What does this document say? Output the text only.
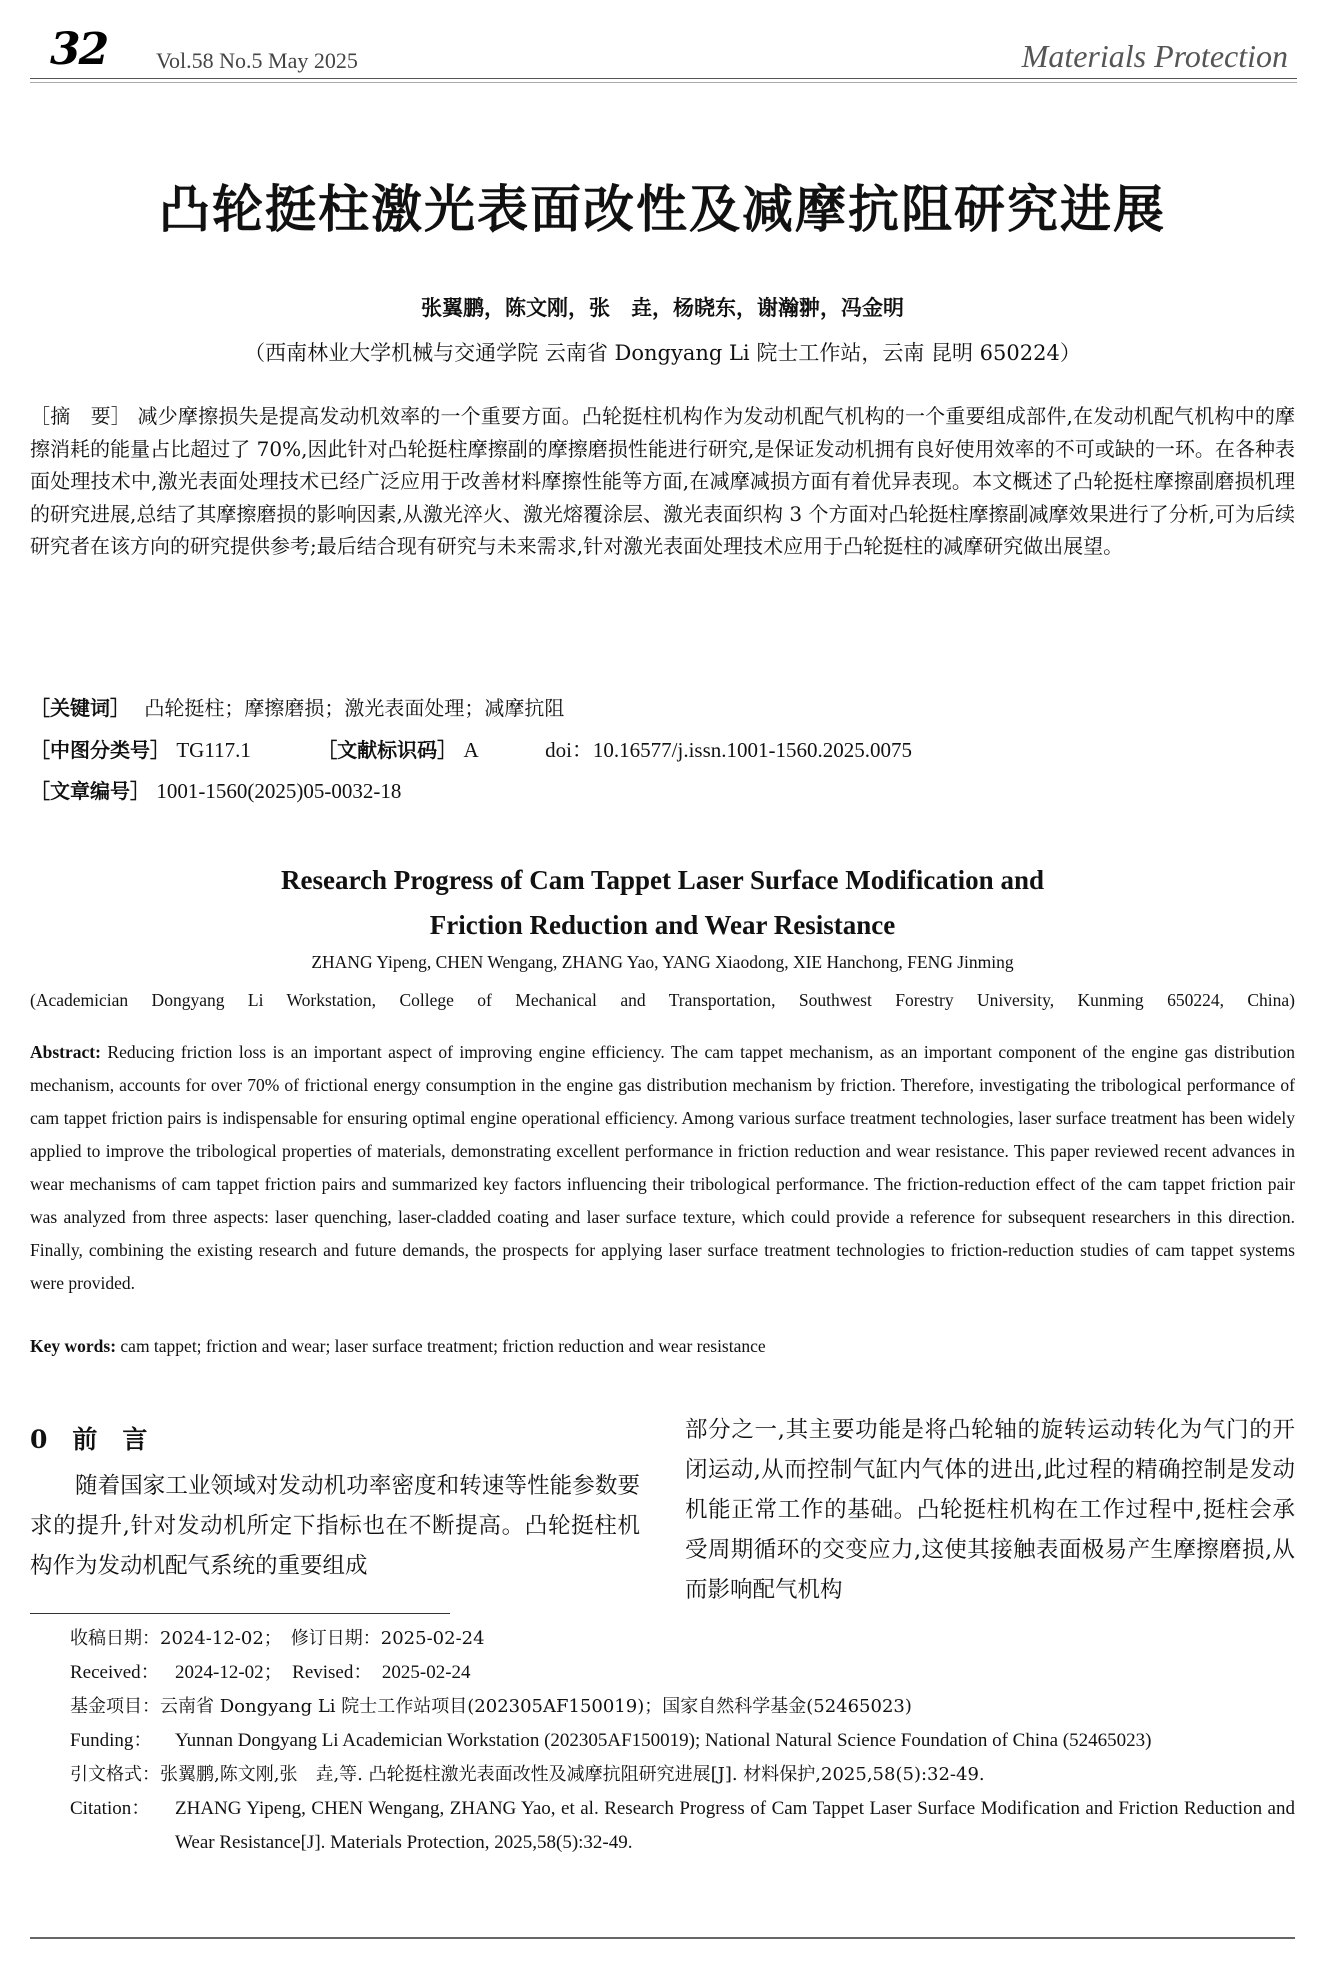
32 Vol.58 No.5 May 2025	Materials Protection
凸轮挺柱激光表面改性及减摩抗阻研究进展
张翼鹏，陈文刚，张　垚，杨晓东，谢瀚翀，冯金明
（西南林业大学机械与交通学院 云南省 Dongyang Li 院士工作站，云南 昆明 650224）
［摘　要］ 减少摩擦损失是提高发动机效率的一个重要方面。凸轮挺柱机构作为发动机配气机构的一个重要组成部件,在发动机配气机构中的摩擦消耗的能量占比超过了 70%,因此针对凸轮挺柱摩擦副的摩擦磨损性能进行研究,是保证发动机拥有良好使用效率的不可或缺的一环。在各种表面处理技术中,激光表面处理技术已经广泛应用于改善材料摩擦性能等方面,在减摩减损方面有着优异表现。本文概述了凸轮挺柱摩擦副磨损机理的研究进展,总结了其摩擦磨损的影响因素,从激光淬火、激光熔覆涂层、激光表面织构 3 个方面对凸轮挺柱摩擦副减摩效果进行了分析,可为后续研究者在该方向的研究提供参考;最后结合现有研究与未来需求,针对激光表面处理技术应用于凸轮挺柱的减摩研究做出展望。
［关键词］ 凸轮挺柱；摩擦磨损；激光表面处理；减摩抗阻
［中图分类号］ TG117.1	［文献标识码］ A	doi：10.16577/j.issn.1001-1560.2025.0075
［文章编号］ 1001-1560(2025)05-0032-18
Research Progress of Cam Tappet Laser Surface Modification and
Friction Reduction and Wear Resistance
ZHANG Yipeng, CHEN Wengang, ZHANG Yao, YANG Xiaodong, XIE Hanchong, FENG Jinming
(Academician Dongyang Li Workstation, College of Mechanical and Transportation, Southwest Forestry University, Kunming 650224, China)
Abstract: Reducing friction loss is an important aspect of improving engine efficiency. The cam tappet mechanism, as an important component of the engine gas distribution mechanism, accounts for over 70% of frictional energy consumption in the engine gas distribution mechanism by friction. Therefore, investigating the tribological performance of cam tappet friction pairs is indispensable for ensuring optimal engine operational efficiency. Among various surface treatment technologies, laser surface treatment has been widely applied to improve the tribological properties of materials, demonstrating excellent performance in friction reduction and wear resistance. This paper reviewed recent advances in wear mechanisms of cam tappet friction pairs and summarized key factors influencing their tribological performance. The friction-reduction effect of the cam tappet friction pair was analyzed from three aspects: laser quenching, laser-cladded coating and laser surface texture, which could provide a reference for subsequent researchers in this direction. Finally, combining the existing research and future demands, the prospects for applying laser surface treatment technologies to friction-reduction studies of cam tappet systems were provided.
Key words: cam tappet; friction and wear; laser surface treatment; friction reduction and wear resistance
0　前　言

随着国家工业领域对发动机功率密度和转速等性能参数要求的提升,针对发动机所定下指标也在不断提高。凸轮挺柱机构作为发动机配气系统的重要组成

部分之一,其主要功能是将凸轮轴的旋转运动转化为气门的开闭运动,从而控制气缸内气体的进出,此过程的精确控制是发动机能正常工作的基础。凸轮挺柱机构在工作过程中,挺柱会承受周期循环的交变应力,这使其接触表面极易产生摩擦磨损,从而影响配气机构

收稿日期： 2024-12-02；　修订日期：2025-02-24
Received： 2024-12-02；　Revised：　2025-02-24
基金项目： 云南省 Dongyang Li 院士工作站项目(202305AF150019)；国家自然科学基金(52465023)
Funding：	Yunnan Dongyang Li Academician Workstation (202305AF150019); National Natural Science Foundation of China (52465023)
引文格式： 张翼鹏,陈文刚,张　垚,等. 凸轮挺柱激光表面改性及减摩抗阻研究进展[J]. 材料保护,2025,58(5):32-49.
Citation：	ZHANG Yipeng, CHEN Wengang, ZHANG Yao, et al. Research Progress of Cam Tappet Laser Surface Modification and Friction Reduction and Wear Resistance[J]. Materials Protection, 2025,58(5):32-49.
